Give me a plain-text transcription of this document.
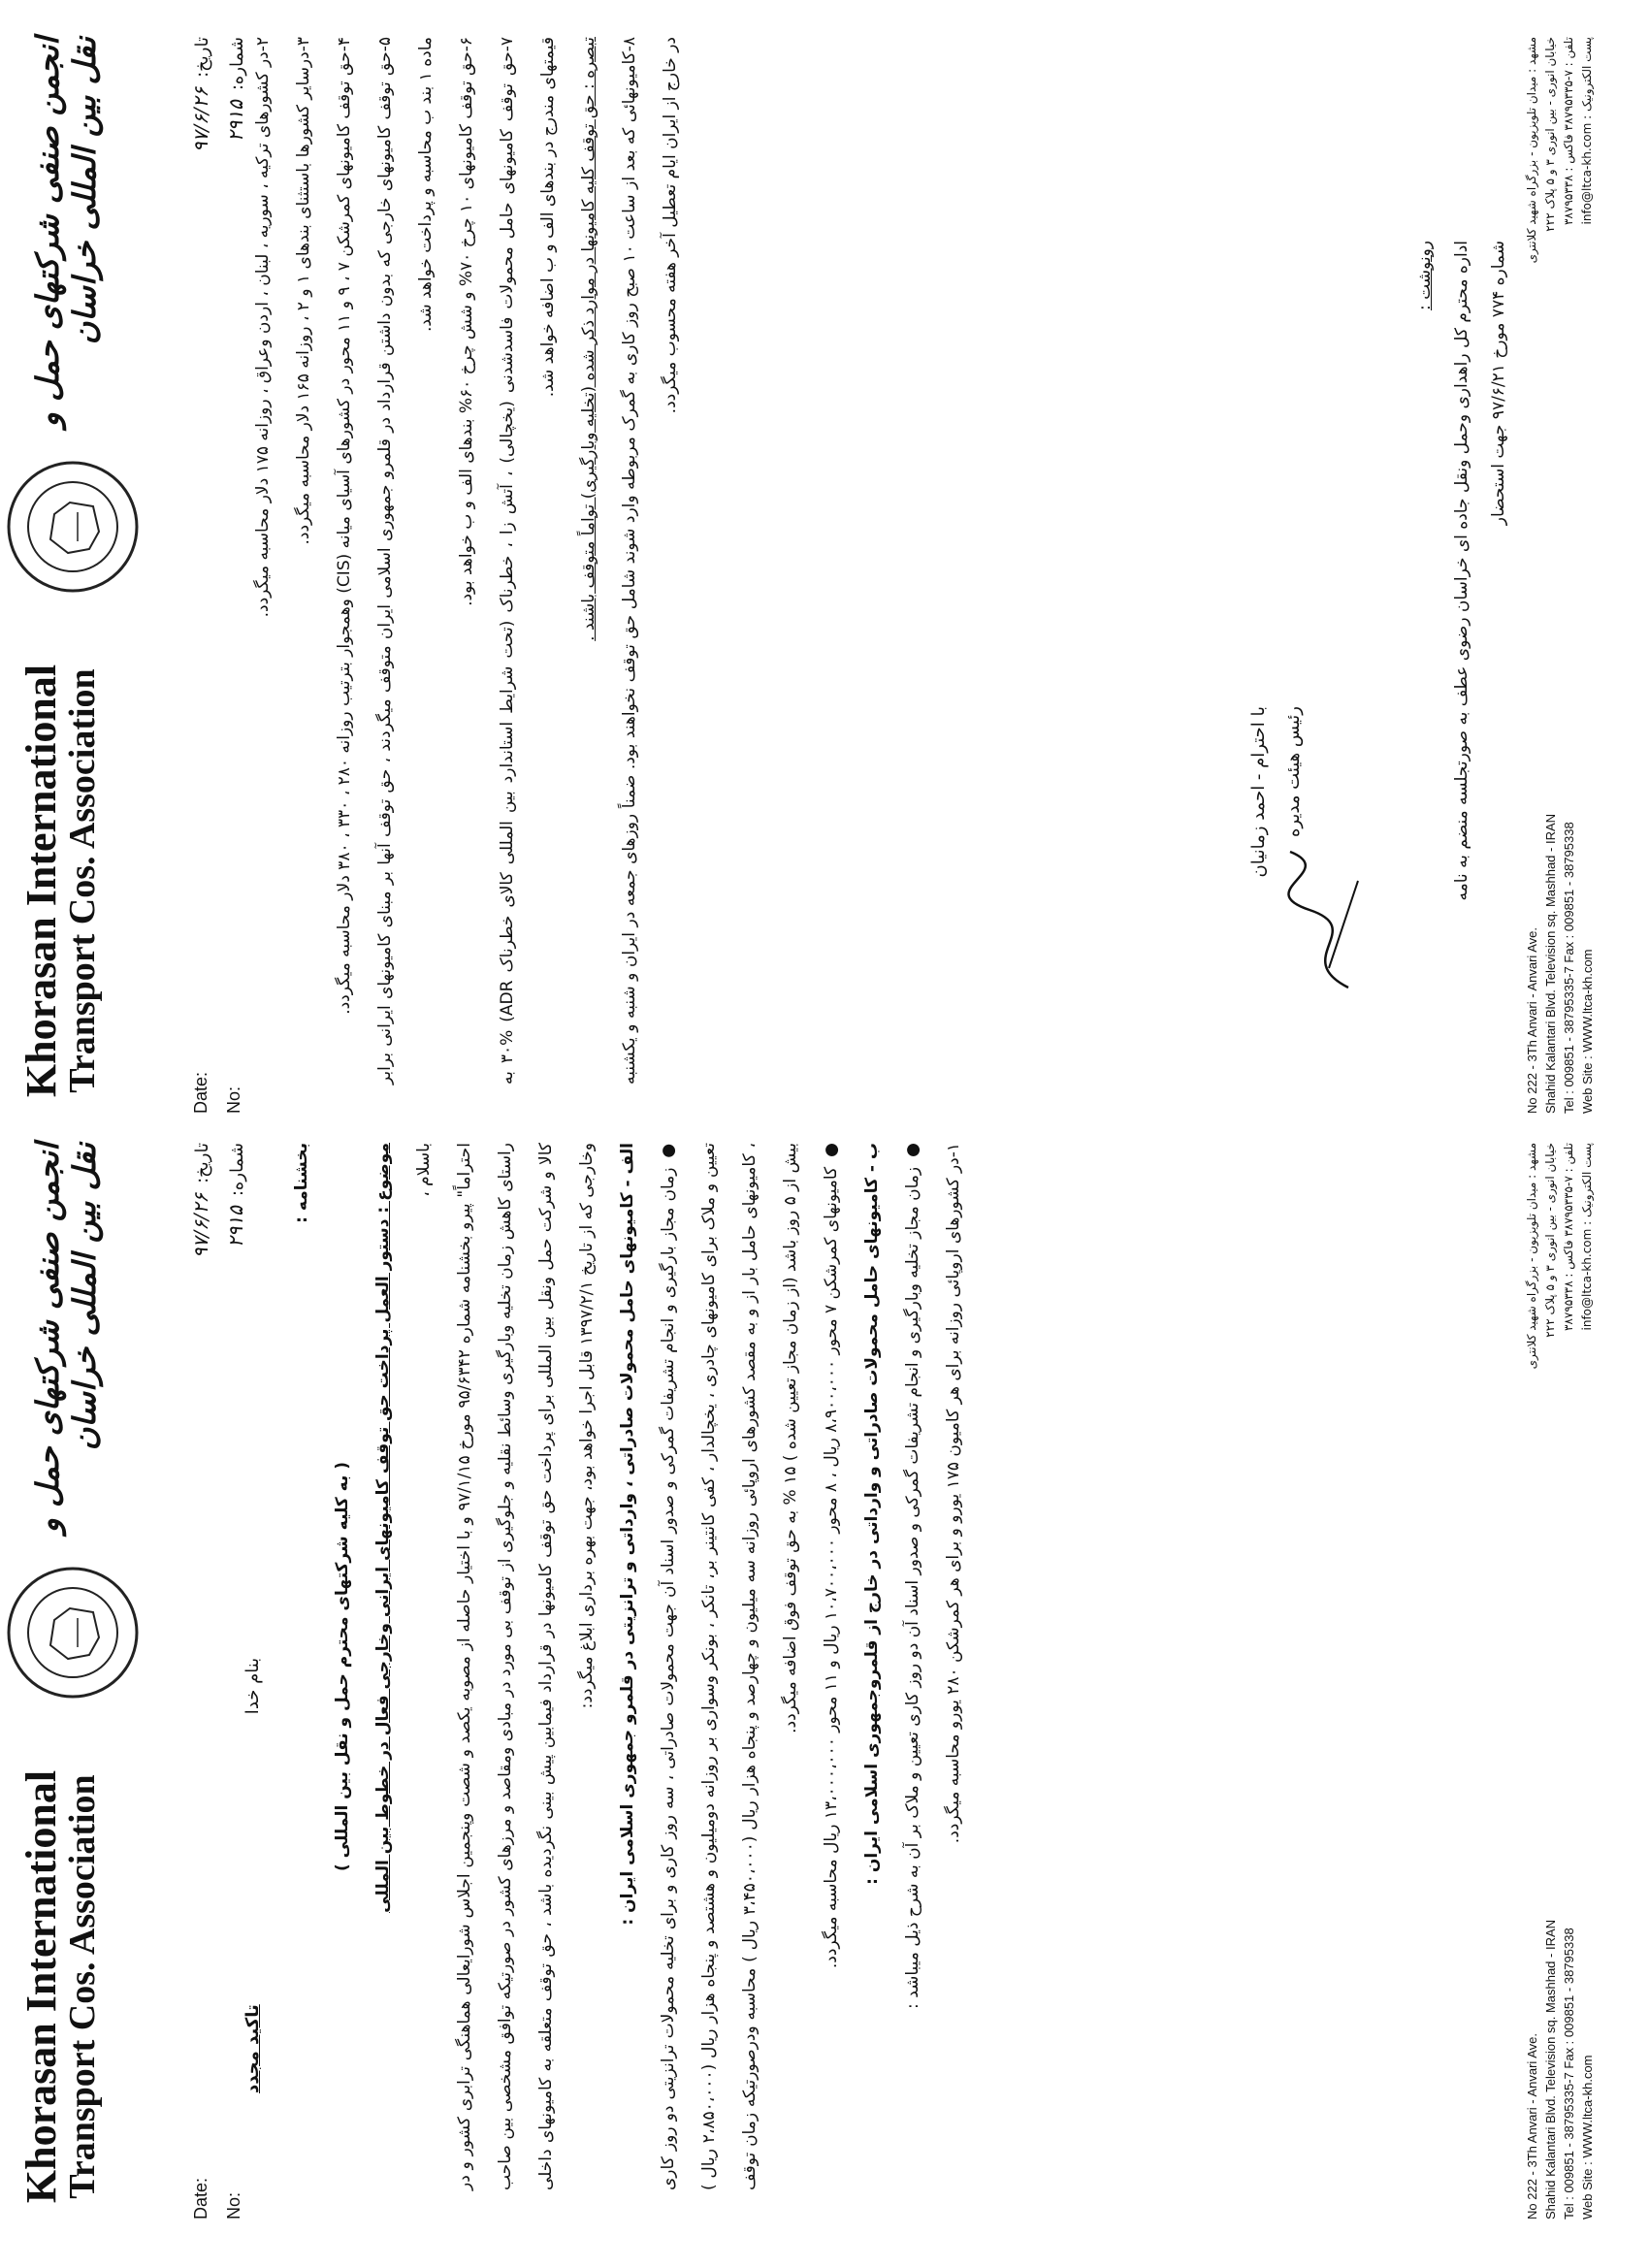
Khorasan International
Transport Cos. Association
انجمن صنفی شرکتهای حمل و نقل بین المللی خراسان
Date: No:
تاریخ:۹۷/۶/۲۶
شماره:۲۹۱۵
تاکید مجدد
بنام خدا

بخشنامه :

( به کلیه شرکتهای محترم حمل و نقل بین المللی )	موضوع : دستور العمل پرداخت حق توقف کامیونهای ایرانی وخارجی فعال در خطوط بین المللی	باسلام ،

احتراماً" پیرو بخشنامه شماره ۹۵/۶۳۴۲ مورخ ۹۷/۱/۱۵ و با اختیار حاصله از مصوبه یکصد و شصت وپنجمین اجلاس شورایعالی هماهنگی ترابری کشور و در راستای کاهش زمان تخلیه وبارگیری وسائط نقلیه و جلوگیری از توقف بی مورد در مبادی ومقاصد و مرزهای کشور در صورتیکه توافق مشخصی بین صاحب کالا و شرکت حمل ونقل بین المللی برای پرداخت حق توقف کامیونها در قرارداد فیمابین پیش بینی نگردیده باشد ، حق توقف متعلقه به کامیونهای داخلی وخارجی که از تاریخ ۱۳۹۷/۲/۱ قابل اجرا خواهد بود، جهت بهره برداری ابلاغ میگردد:	الف - کامیونهای حامل محمولات صادراتی ، وارداتی و ترانزیتی در قلمرو جمهوری اسلامی ایران :	● زمان مجاز بارگیری و انجام تشریفات گمرکی و صدور اسناد آن جهت محمولات صادراتی ، سه روز کاری و برای تخلیه محمولات ترانزیتی دو روز کاری تعیین و ملاک برای کامیونهای چادری ، یخچالدار ، کفی کانتینر بر، تانکر ، بونکر وسواری بر روزانه دومیلیون و هشتصد و پنجاه هزار ریال (۲،۸۵۰،۰۰۰ ریال ) ، کامیونهای حامل بار از و به مقصد کشورهای اروپائی روزانه سه میلیون و چهارصد و پنجاه هزار ریال (۳،۴۵۰،۰۰۰ ریال ) محاسبه ودرصورتیکه زمان توقف بیش از ۵ روز باشد (از زمان مجاز تعیین شده ) ۱۵ % به حق توقف فوق اضافه میگردد.

● کامیونهای کمرشکن ۷ محور ۸،۹۰۰،۰۰۰ ریال ، ۸ محور ۱۰،۷۰۰،۰۰۰ ریال و ۱۱ محور ۱۳،۰۰۰،۰۰۰ ریال محاسبه میگردد.	ب - کامیونهای حامل محمولات صادراتی و وارداتی در خارج از قلمروجمهوری اسلامی ایران :	● زمان مجاز تخلیه وبارگیری و انجام تشریفات گمرکی و صدور اسناد آن دو روز کاری تعیین و ملاک بر آن به شرح ذیل میباشد :	۱-در کشورهای اروپائی روزانه برای هر کامیون ۱۷۵ یورو و برای هر کمرشکن ۲۸۰ یورو محاسبه میگردد.

No 222 - 3Th Anvari - Anvari Ave. Shahid Kalantari Blvd. Television sq. Mashhad - IRAN Tel : 009851 - 38795335-7 Fax : 009851 - 38795338 Web Site : WWW.ltca-kh.com
مشهد : میدان تلویزیون - بزرگراه شهید کلانتری خیابان انوری - بین انوری ۳ و ۵ پلاک ۲۲۲
تلفن : ۷-۳۸۷۹۵۳۳۵ فاکس : ۳۸۷۹۵۳۳۸
پست الکترونیک : info@ltca-kh.com
Khorasan International
Transport Cos. Association
انجمن صنفی شرکتهای حمل و نقل بین المللی خراسان
Date: No:
تاریخ:۹۷/۶/۲۶
شماره:۲۹۱۵

۲-در کشورهای ترکیه ، سوریه ، لبنان ، اردن وعراق ، روزانه ۱۷۵ دلار محاسبه میگردد.

۳-درسایر کشورها باستثنای بندهای ۱ و ۲ ، روزانه ۱۶۵ دلار محاسبه میگردد.

۴-حق توقف کامیونهای کمرشکن ۷ ، ۹ و ۱۱ محور در کشورهای آسیای میانه (CIS) وهمجوار بترتیب روزانه ۲۸۰ ، ۳۳۰ ، ۳۸۰ دلار محاسبه میگردد.

۵-حق توقف کامیونهای خارجی که بدون داشتن قرارداد در قلمرو جمهوری اسلامی ایران متوقف میگردند ، حق توقف آنها بر مبنای کامیونهای ایرانی برابر ماده ۱ بند ب محاسبه و پرداخت خواهد شد.

۶-حق توقف کامیونهای ۱۰ چرخ ۷۰% و شش چرخ ۶۰% بندهای الف و ب خواهد بود.

۷-حق توقف کامیونهای حامل محمولات فاسدشدنی (یخچالی) ، آتش زا ، خطرناک (تحت شرایط استاندارد بین المللی کالای خطرناک ADR) ۳۰% به قیمتهای مندرج در بندهای الف و ب اضافه خواهد شد.	تبصره : حق توقف کلیه کامیونها در موارد ذکر شده (تخلیه وبارگیری) تواماً متوقف باشند .	۸-کامیونهائی که بعد از ساعت ۱۰ صبح روز کاری به گمرک مربوطه وارد شوند شامل حق توقف نخواهند بود. ضمناً روزهای جمعه در ایران و شنبه و یکشنبه در خارج از ایران ایام تعطیل آخر هفته محسوب میگردد.

با احترام - احمد زمانیان رئیس هیئت مدیره
رونوشت :	اداره محترم کل راهداری وحمل ونقل جاده ای خراسان رضوی عطف به صورتجلسه منضم به نامه	شماره ۷۷۴ مورخ ۹۷/۶/۲۱ جهت استحضار
No 222 - 3Th Anvari - Anvari Ave. Shahid Kalantari Blvd. Television sq. Mashhad - IRAN Tel : 009851 - 38795335-7 Fax : 009851 - 38795338 Web Site : WWW.ltca-kh.com
مشهد : میدان تلویزیون - بزرگراه شهید کلانتری خیابان انوری - بین انوری ۳ و ۵ پلاک ۲۲۲
تلفن : ۷-۳۸۷۹۵۳۳۵ فاکس : ۳۸۷۹۵۳۳۸
پست الکترونیک : info@ltca-kh.com
